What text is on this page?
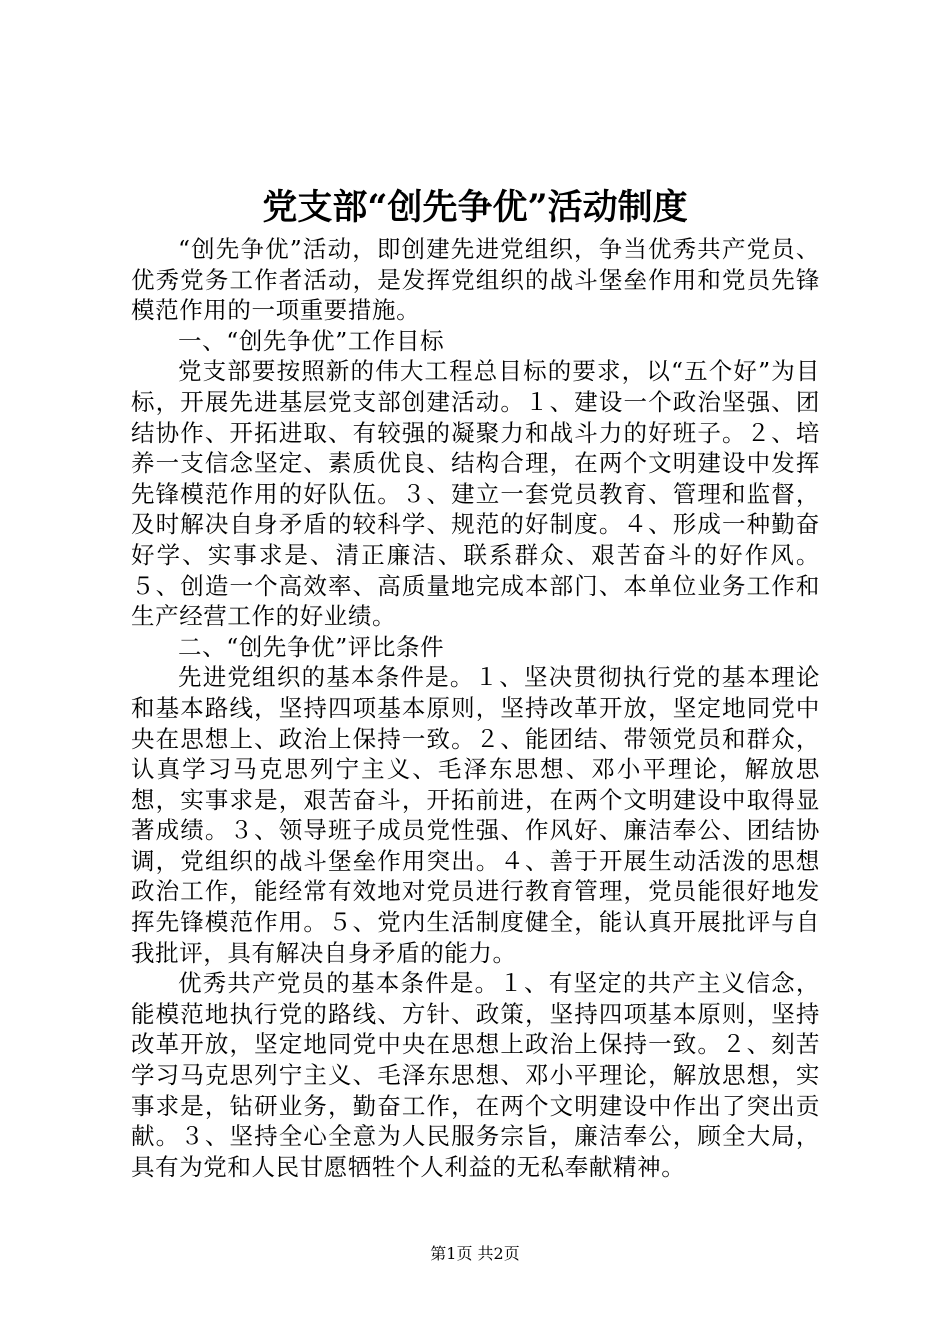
党支部“创先争优”活动制度

“创先争优”活动，即创建先进党组织，争当优秀共产党员、优秀党务工作者活动，是发挥党组织的战斗堡垒作用和党员先锋模范作用的一项重要措施。

一、“创先争优”工作目标

党支部要按照新的伟大工程总目标的要求，以“五个好”为目标，开展先进基层党支部创建活动。１、建设一个政治坚强、团结协作、开拓进取、有较强的凝聚力和战斗力的好班子。２、培养一支信念坚定、素质优良、结构合理，在两个文明建设中发挥先锋模范作用的好队伍。３、建立一套党员教育、管理和监督，及时解决自身矛盾的较科学、规范的好制度。４、形成一种勤奋好学、实事求是、清正廉洁、联系群众、艰苦奋斗的好作风。５、创造一个高效率、高质量地完成本部门、本单位业务工作和生产经营工作的好业绩。

二、“创先争优”评比条件

先进党组织的基本条件是。１、坚决贯彻执行党的基本理论和基本路线，坚持四项基本原则，坚持改革开放，坚定地同党中央在思想上、政治上保持一致。２、能团结、带领党员和群众，认真学习马克思列宁主义、毛泽东思想、邓小平理论，解放思想，实事求是，艰苦奋斗，开拓前进，在两个文明建设中取得显著成绩。３、领导班子成员党性强、作风好、廉洁奉公、团结协调，党组织的战斗堡垒作用突出。４、善于开展生动活泼的思想政治工作，能经常有效地对党员进行教育管理，党员能很好地发挥先锋模范作用。５、党内生活制度健全，能认真开展批评与自我批评，具有解决自身矛盾的能力。

优秀共产党员的基本条件是。１、有坚定的共产主义信念，能模范地执行党的路线、方针、政策，坚持四项基本原则，坚持改革开放，坚定地同党中央在思想上政治上保持一致。２、刻苦学习马克思列宁主义、毛泽东思想、邓小平理论，解放思想，实事求是，钻研业务，勤奋工作，在两个文明建设中作出了突出贡献。３、坚持全心全意为人民服务宗旨，廉洁奉公，顾全大局，具有为党和人民甘愿牺牲个人利益的无私奉献精神。

第1页 共2页
